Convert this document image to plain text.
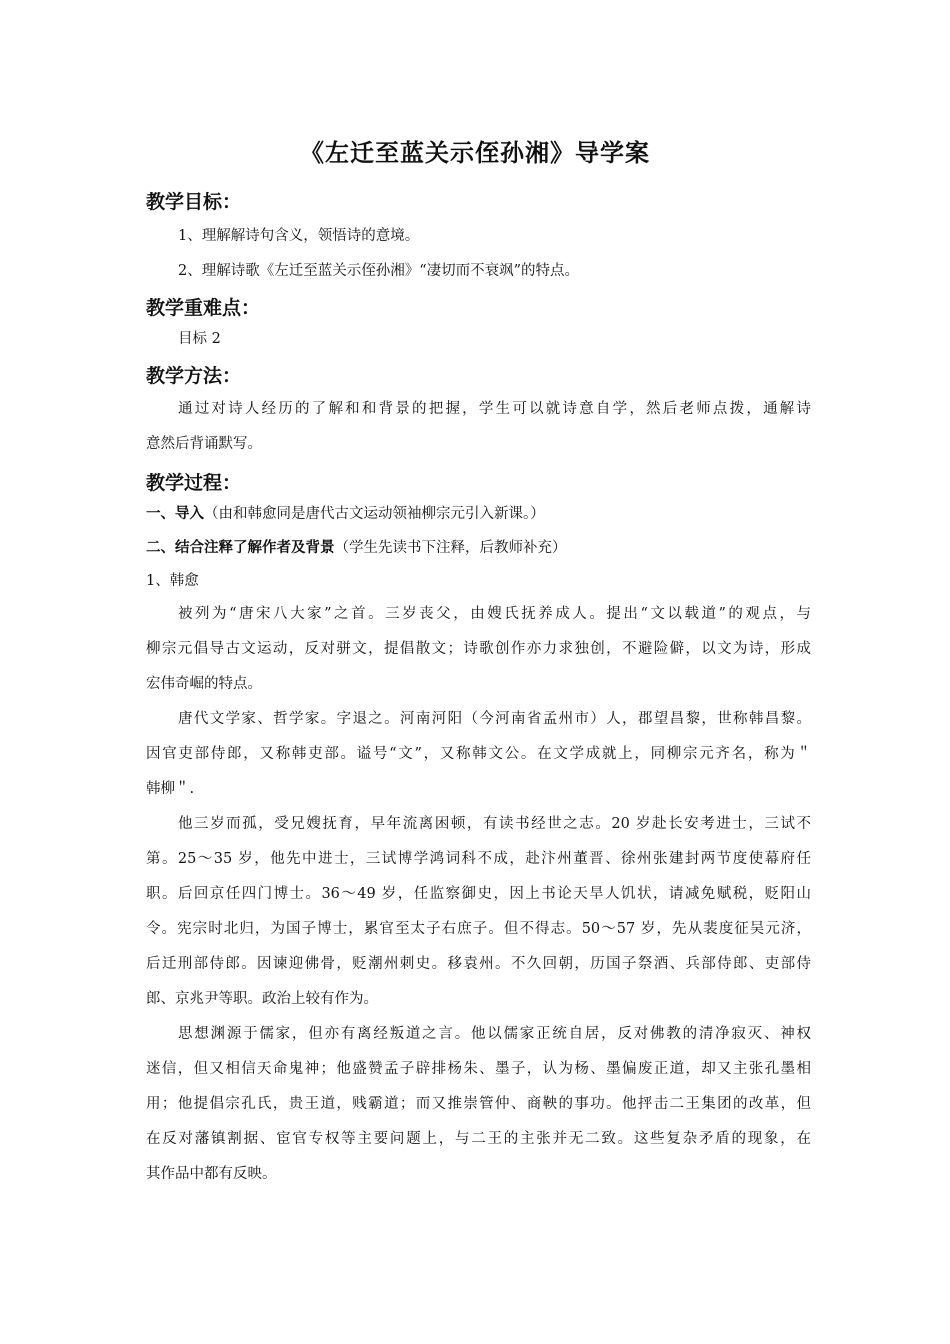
《左迁至蓝关示侄孙湘》导学案
教学目标：
1、理解解诗句含义，领悟诗的意境。
2、理解诗歌《左迁至蓝关示侄孙湘》“凄切而不衰飒”的特点。
教学重难点：
目标 2
教学方法：
通过对诗人经历的了解和和背景的把握，学生可以就诗意自学，然后老师点拨，通解诗
意然后背诵默写。
教学过程：
一、导入（由和韩愈同是唐代古文运动领袖柳宗元引入新课。）
二、结合注释了解作者及背景（学生先读书下注释，后教师补充）
1、韩愈
被列为“唐宋八大家”之首。三岁丧父，由嫂氏抚养成人。提出“文以载道”的观点，与
柳宗元倡导古文运动，反对骈文，提倡散文；诗歌创作亦力求独创，不避险僻，以文为诗，形成
宏伟奇崛的特点。
唐代文学家、哲学家。字退之。河南河阳（今河南省孟州市）人，郡望昌黎，世称韩昌黎。
因官吏部侍郎，又称韩吏部。谥号“文”，又称韩文公。在文学成就上，同柳宗元齐名，称为＂
韩柳＂.
他三岁而孤，受兄嫂抚育，早年流离困顿，有读书经世之志。20 岁赴长安考进士，三试不
第。25～35 岁，他先中进士，三试博学鸿词科不成，赴汴州董晋、徐州张建封两节度使幕府任
职。后回京任四门博士。36～49 岁，任监察御史，因上书论天旱人饥状，请减免赋税，贬阳山
令。宪宗时北归，为国子博士，累官至太子右庶子。但不得志。50～57 岁，先从裴度征吴元济，
后迁刑部侍郎。因谏迎佛骨，贬潮州刺史。移袁州。不久回朝，历国子祭酒、兵部侍郎、吏部侍
郎、京兆尹等职。政治上较有作为。
思想渊源于儒家，但亦有离经叛道之言。他以儒家正统自居，反对佛教的清净寂灭、神权
迷信，但又相信天命鬼神；他盛赞孟子辟排杨朱、墨子，认为杨、墨偏废正道，却又主张孔墨相
用；他提倡宗孔氏，贵王道，贱霸道；而又推崇管仲、商鞅的事功。他抨击二王集团的改革，但
在反对藩镇割据、宦官专权等主要问题上，与二王的主张并无二致。这些复杂矛盾的现象，在
其作品中都有反映。
